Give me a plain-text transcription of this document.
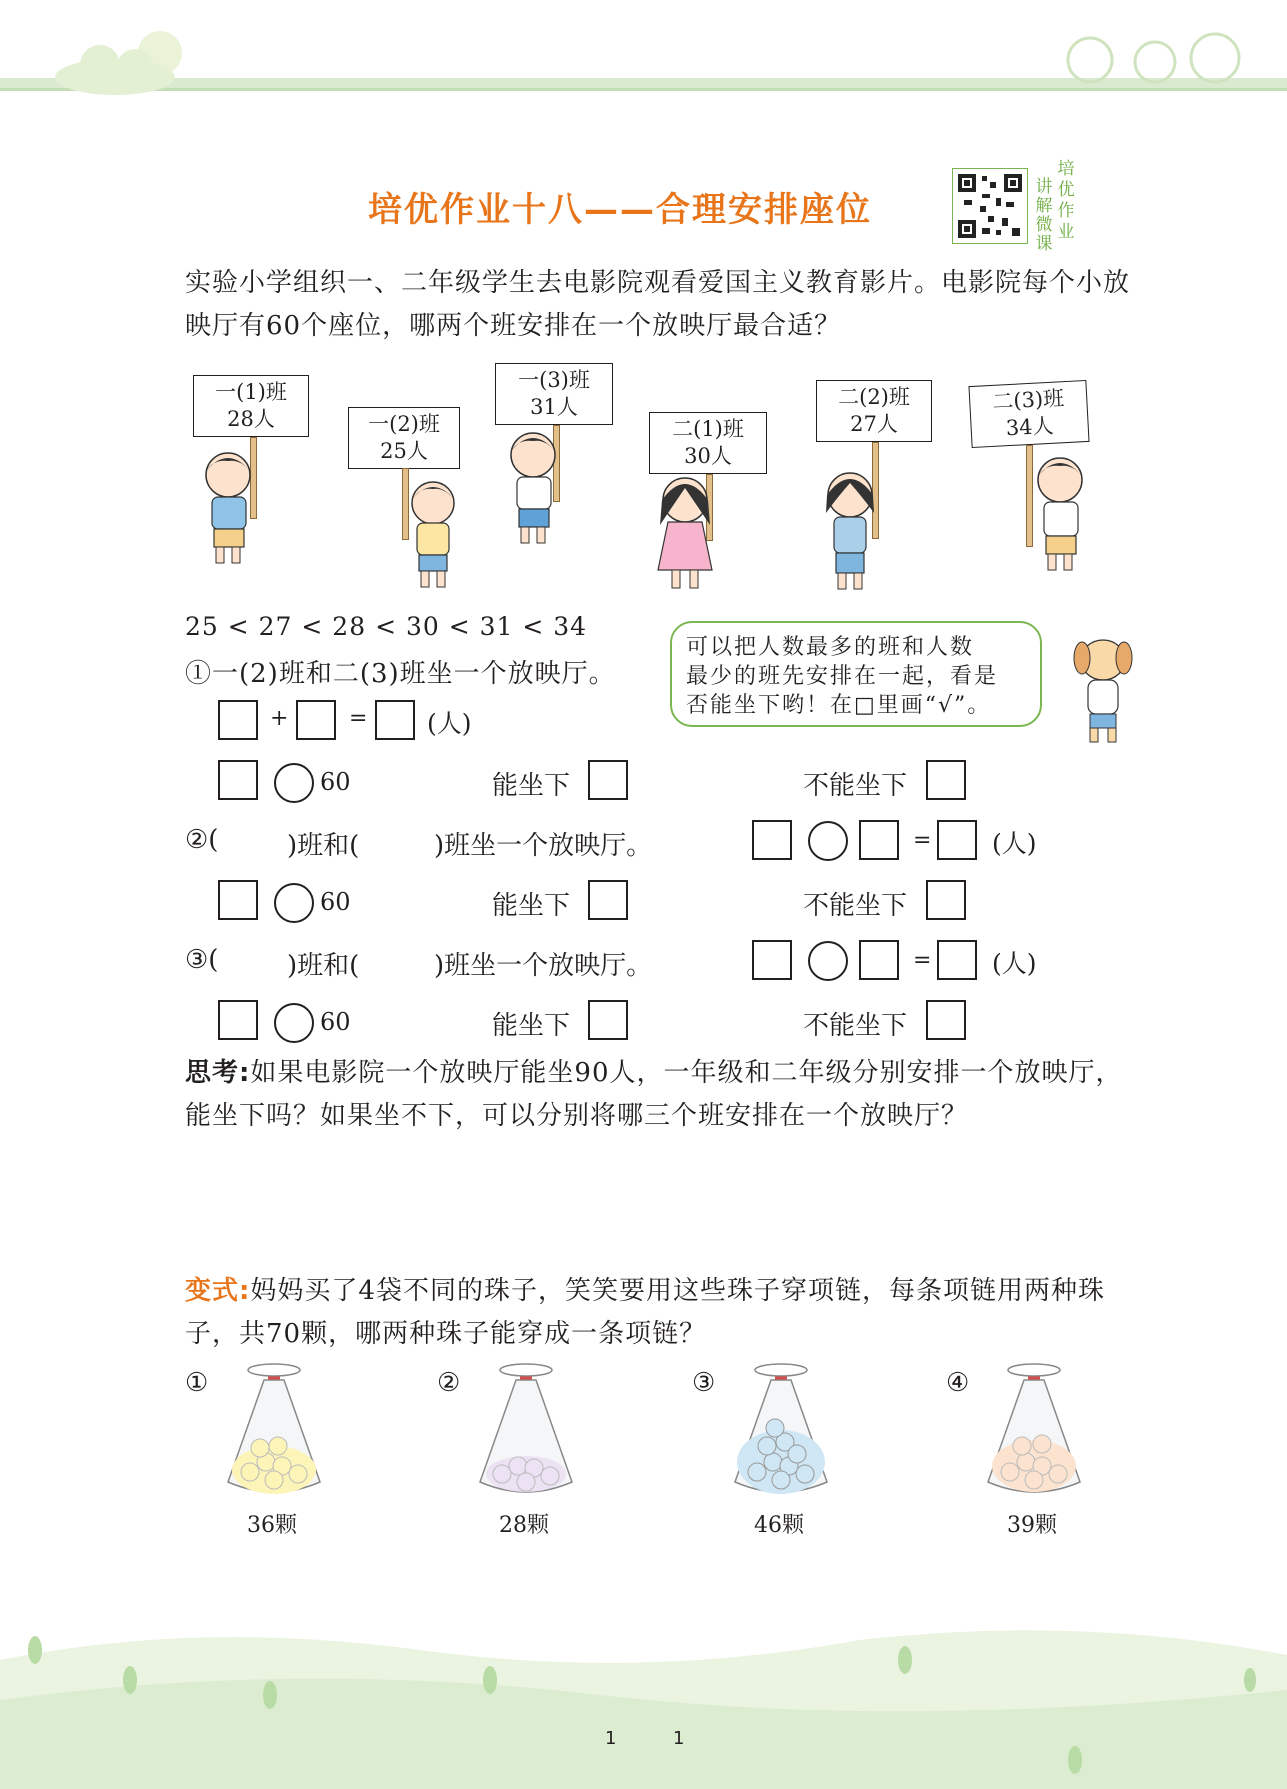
培优作业十八——合理安排座位
讲
解
微
课
培
优
作
业
实验小学组织一、二年级学生去电影院观看爱国主义教育影片。电影院每个小放映厅有60个座位，哪两个班安排在一个放映厅最合适？
一(1)班
28人	一(2)班
25人
一(3)班
31人
二(1)班
30人
二(2)班
27人
二(3)班
34人
25 < 27 < 28 < 30 < 31 < 34
可以把人数最多的班和人数
最少的班先安排在一起，看是
否能坐下哟！在□里画“√”。
①一(2)班和二(3)班坐一个放映厅。
+	= (人)
60	能坐下	不能坐下
②(	)班和(	)班坐一个放映厅。	= (人)
60	能坐下	不能坐下
③(	)班和(	)班坐一个放映厅。	= (人)
60	能坐下	不能坐下
思考:如果电影院一个放映厅能坐90人，一年级和二年级分别安排一个放映厅，能坐下吗？如果坐不下，可以分别将哪三个班安排在一个放映厅？
变式:妈妈买了4袋不同的珠子，笑笑要用这些珠子穿项链，每条项链用两种珠子，共70颗，哪两种珠子能穿成一条项链？
①
36颗
②
28颗
③
46颗
④
39颗
1	1
